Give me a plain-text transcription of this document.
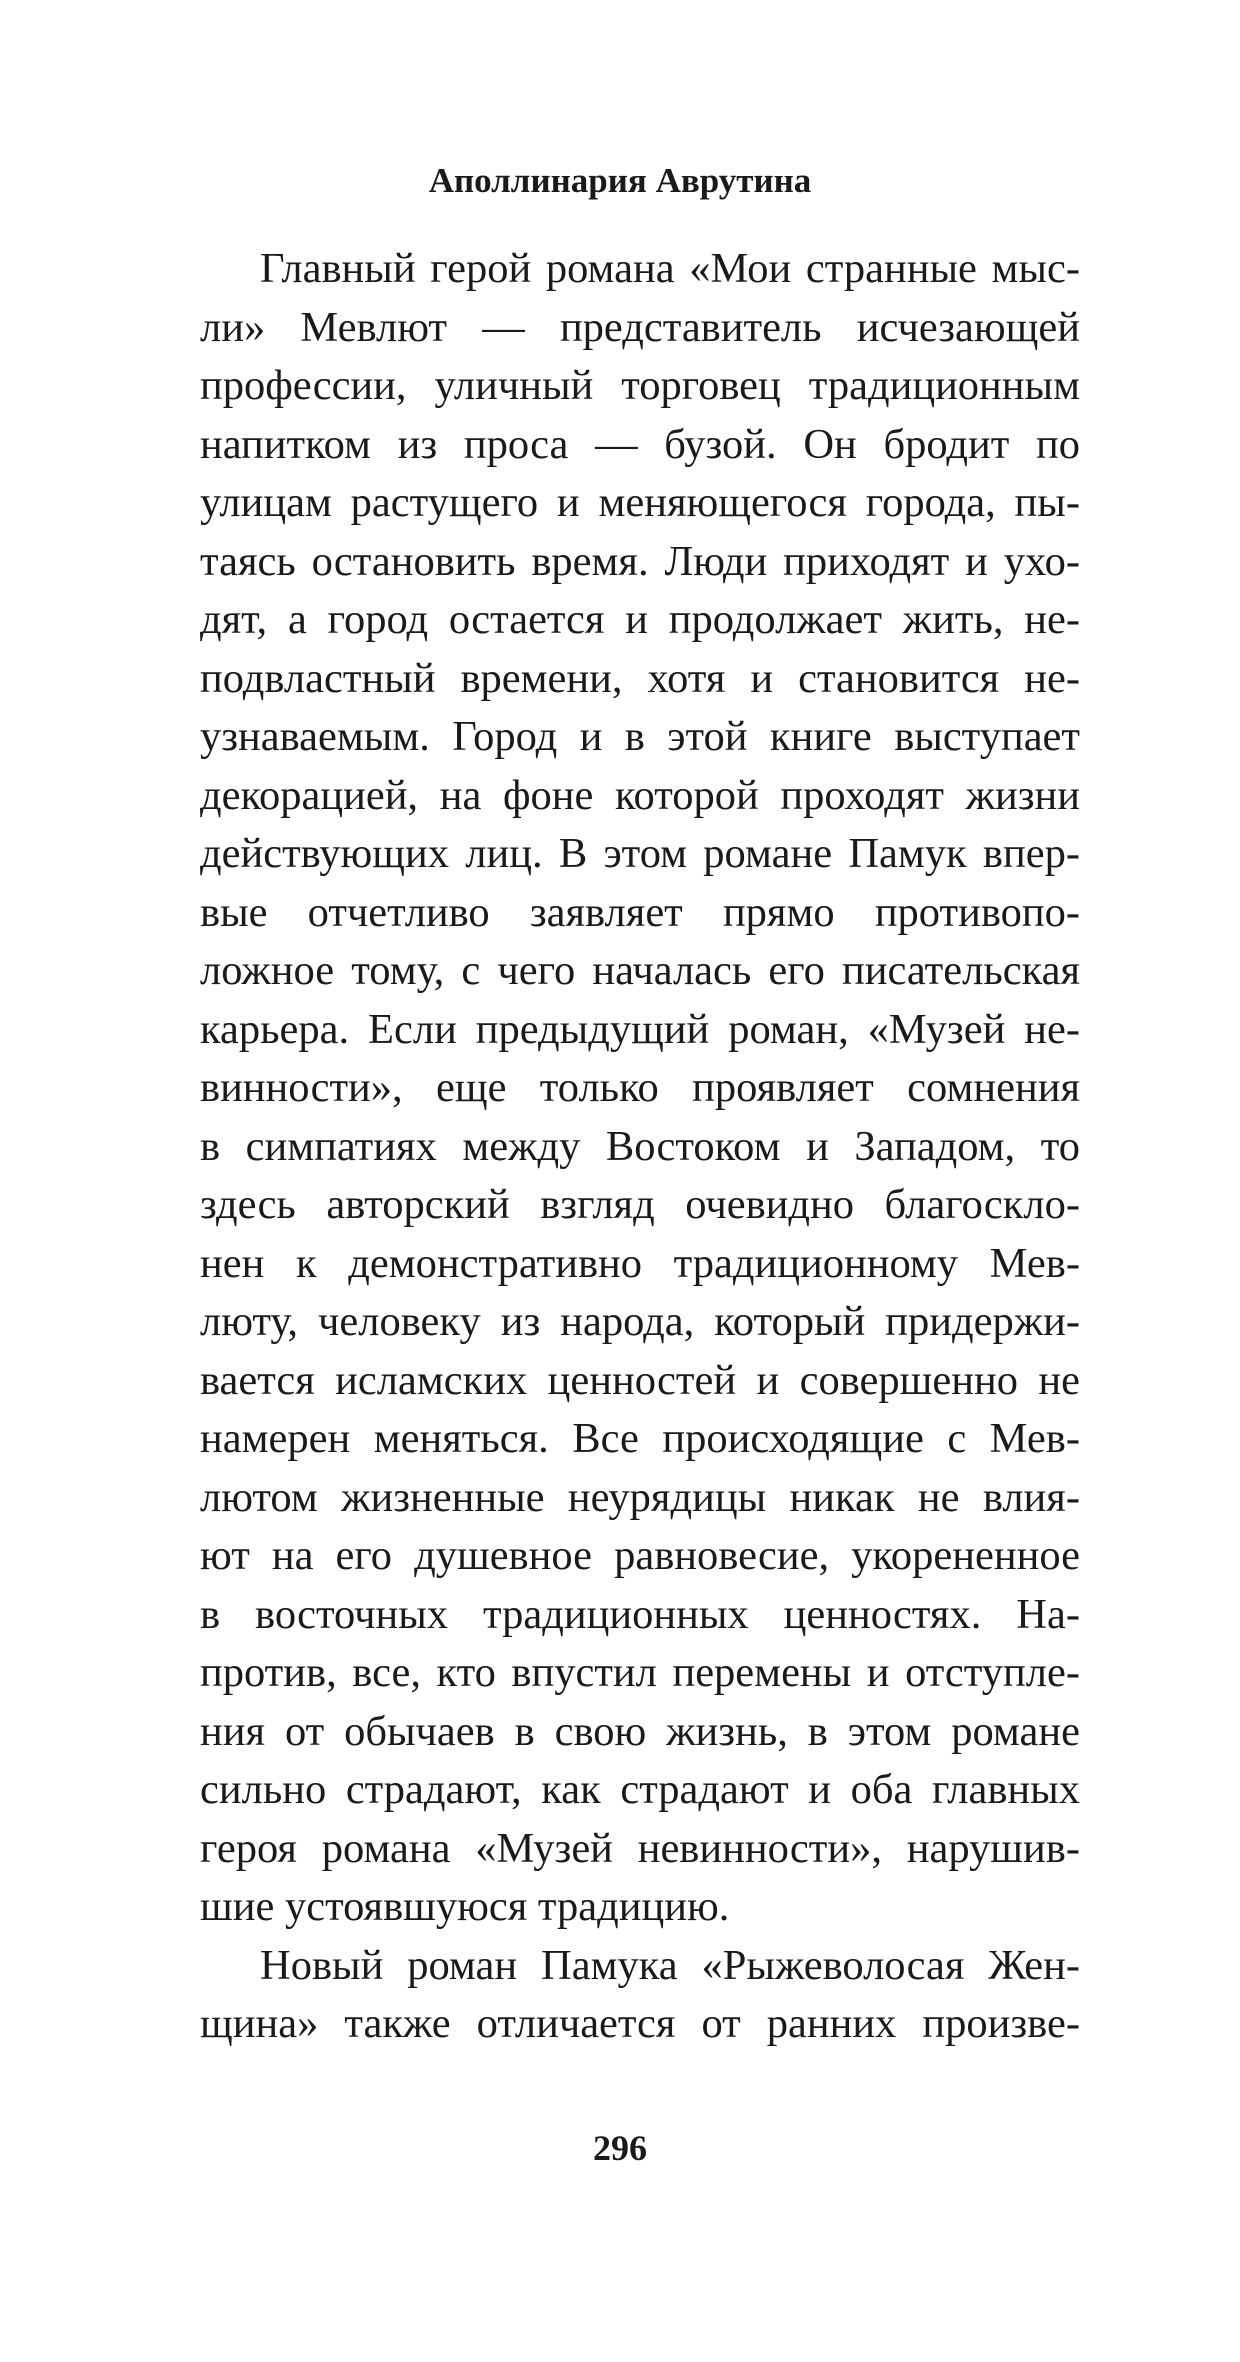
Аполлинария Аврутина
Главный герой романа «Мои странные мыс-
ли» Мевлют — представитель исчезающей
профессии, уличный торговец традиционным
напитком из проса — бузой. Он бродит по
улицам растущего и меняющегося города, пы-
таясь остановить время. Люди приходят и ухо-
дят, а город остается и продолжает жить, не-
подвластный времени, хотя и становится не-
узнаваемым. Город и в этой книге выступает
декорацией, на фоне которой проходят жизни
действующих лиц. В этом романе Памук впер-
вые отчетливо заявляет прямо противопо-
ложное тому, с чего началась его писательская
карьера. Если предыдущий роман, «Музей не-
винности», еще только проявляет сомнения
в симпатиях между Востоком и Западом, то
здесь авторский взгляд очевидно благоскло-
нен к демонстративно традиционному Мев-
люту, человеку из народа, который придержи-
вается исламских ценностей и совершенно не
намерен меняться. Все происходящие с Мев-
лютом жизненные неурядицы никак не влия-
ют на его душевное равновесие, укорененное
в восточных традиционных ценностях. На-
против, все, кто впустил перемены и отступле-
ния от обычаев в свою жизнь, в этом романе
сильно страдают, как страдают и оба главных
героя романа «Музей невинности», нарушив-
шие устоявшуюся традицию.
Новый роман Памука «Рыжеволосая Жен-
щина» также отличается от ранних произве-
296
